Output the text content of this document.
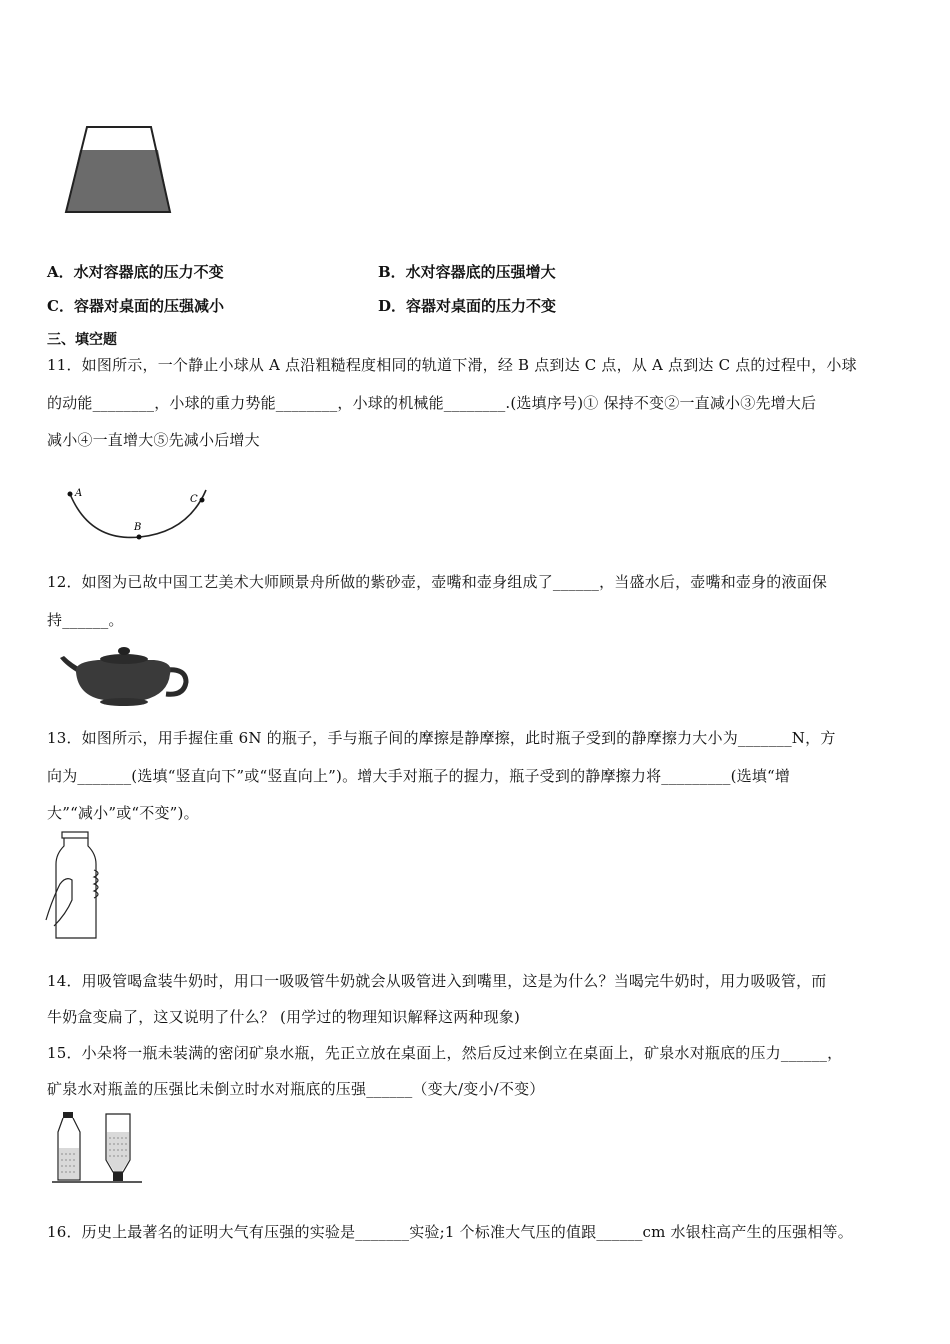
A．水对容器底的压力不变	B．水对容器底的压强增大
C．容器对桌面的压强减小	D．容器对桌面的压力不变
三、填空题
11．如图所示，一个静止小球从 A 点沿粗糙程度相同的轨道下滑，经 B 点到达 C 点，从 A 点到达 C 点的过程中，小球
的动能________，小球的重力势能________，小球的机械能________.(选填序号)① 保持不变②一直减小③先增大后
减小④一直增大⑤先减小后增大
A
B
C
12．如图为已故中国工艺美术大师顾景舟所做的紫砂壶，壶嘴和壶身组成了______，当盛水后，壶嘴和壶身的液面保
持______。
13．如图所示，用手握住重 6N 的瓶子，手与瓶子间的摩擦是静摩擦，此时瓶子受到的静摩擦力大小为_______N，方
向为_______(选填“竖直向下”或“竖直向上”)。增大手对瓶子的握力，瓶子受到的静摩擦力将_________(选填“增
大”“减小”或“不变”)。
14．用吸管喝盒装牛奶时，用口一吸吸管牛奶就会从吸管进入到嘴里，这是为什么？当喝完牛奶时，用力吸吸管，而
牛奶盒变扁了，这又说明了什么？ (用学过的物理知识解释这两种现象)
15．小朵将一瓶未装满的密闭矿泉水瓶，先正立放在桌面上，然后反过来倒立在桌面上，矿泉水对瓶底的压力______，
矿泉水对瓶盖的压强比未倒立时水对瓶底的压强______（变大/变小/不变）
16．历史上最著名的证明大气有压强的实验是_______实验;1 个标准大气压的值跟______cm 水银柱高产生的压强相等。
